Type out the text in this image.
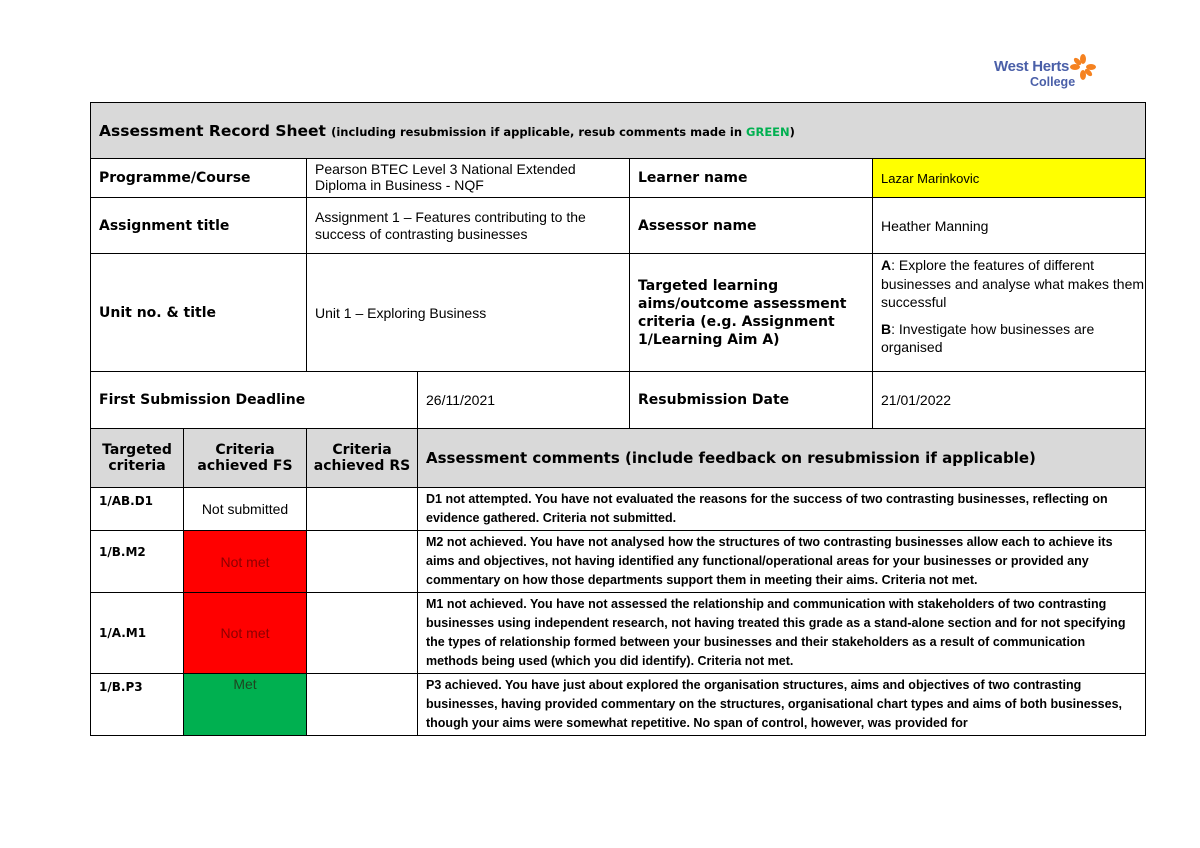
West Herts
College
Assessment Record Sheet (including resubmission if applicable, resub comments made in GREEN)					
Programme/Course		Pearson BTEC Level 3 National Extended Diploma in Business - NQF		Learner name	Lazar Marinkovic
Assignment title		Assignment 1 – Features contributing to the success of contrasting businesses		Assessor name	Heather Manning
Unit no. & title		Unit 1 – Exploring Business		Targeted learning aims/outcome assessment criteria (e.g. Assignment 1/Learning Aim A)	A: Explore the features of different businesses and analyse what makes them successful

B: Investigate how businesses are organised

First Submission Deadline			26/11/2021	Resubmission Date	21/01/2022
Targeted criteria	Criteria achieved FS	Criteria achieved RS	Assessment comments (include feedback on resubmission if applicable)		
1/AB.D1	Not submitted		D1 not attempted. You have not evaluated the reasons for the success of two contrasting businesses, reflecting on evidence gathered. Criteria not submitted.		
1/B.M2	Not met		M2 not achieved. You have not analysed how the structures of two contrasting businesses allow each to achieve its aims and objectives, not having identified any functional/operational areas for your businesses or provided any commentary on how those departments support them in meeting their aims. Criteria not met.		
1/A.M1	Not met		M1 not achieved. You have not assessed the relationship and communication with stakeholders of two contrasting businesses using independent research, not having treated this grade as a stand-alone section and for not specifying the types of relationship formed between your businesses and their stakeholders as a result of communication methods being used (which you did identify). Criteria not met.		
1/B.P3	Met		P3 achieved. You have just about explored the organisation structures, aims and objectives of two contrasting businesses, having provided commentary on the structures, organisational chart types and aims of both businesses, though your aims were somewhat repetitive. No span of control, however, was provided for		
